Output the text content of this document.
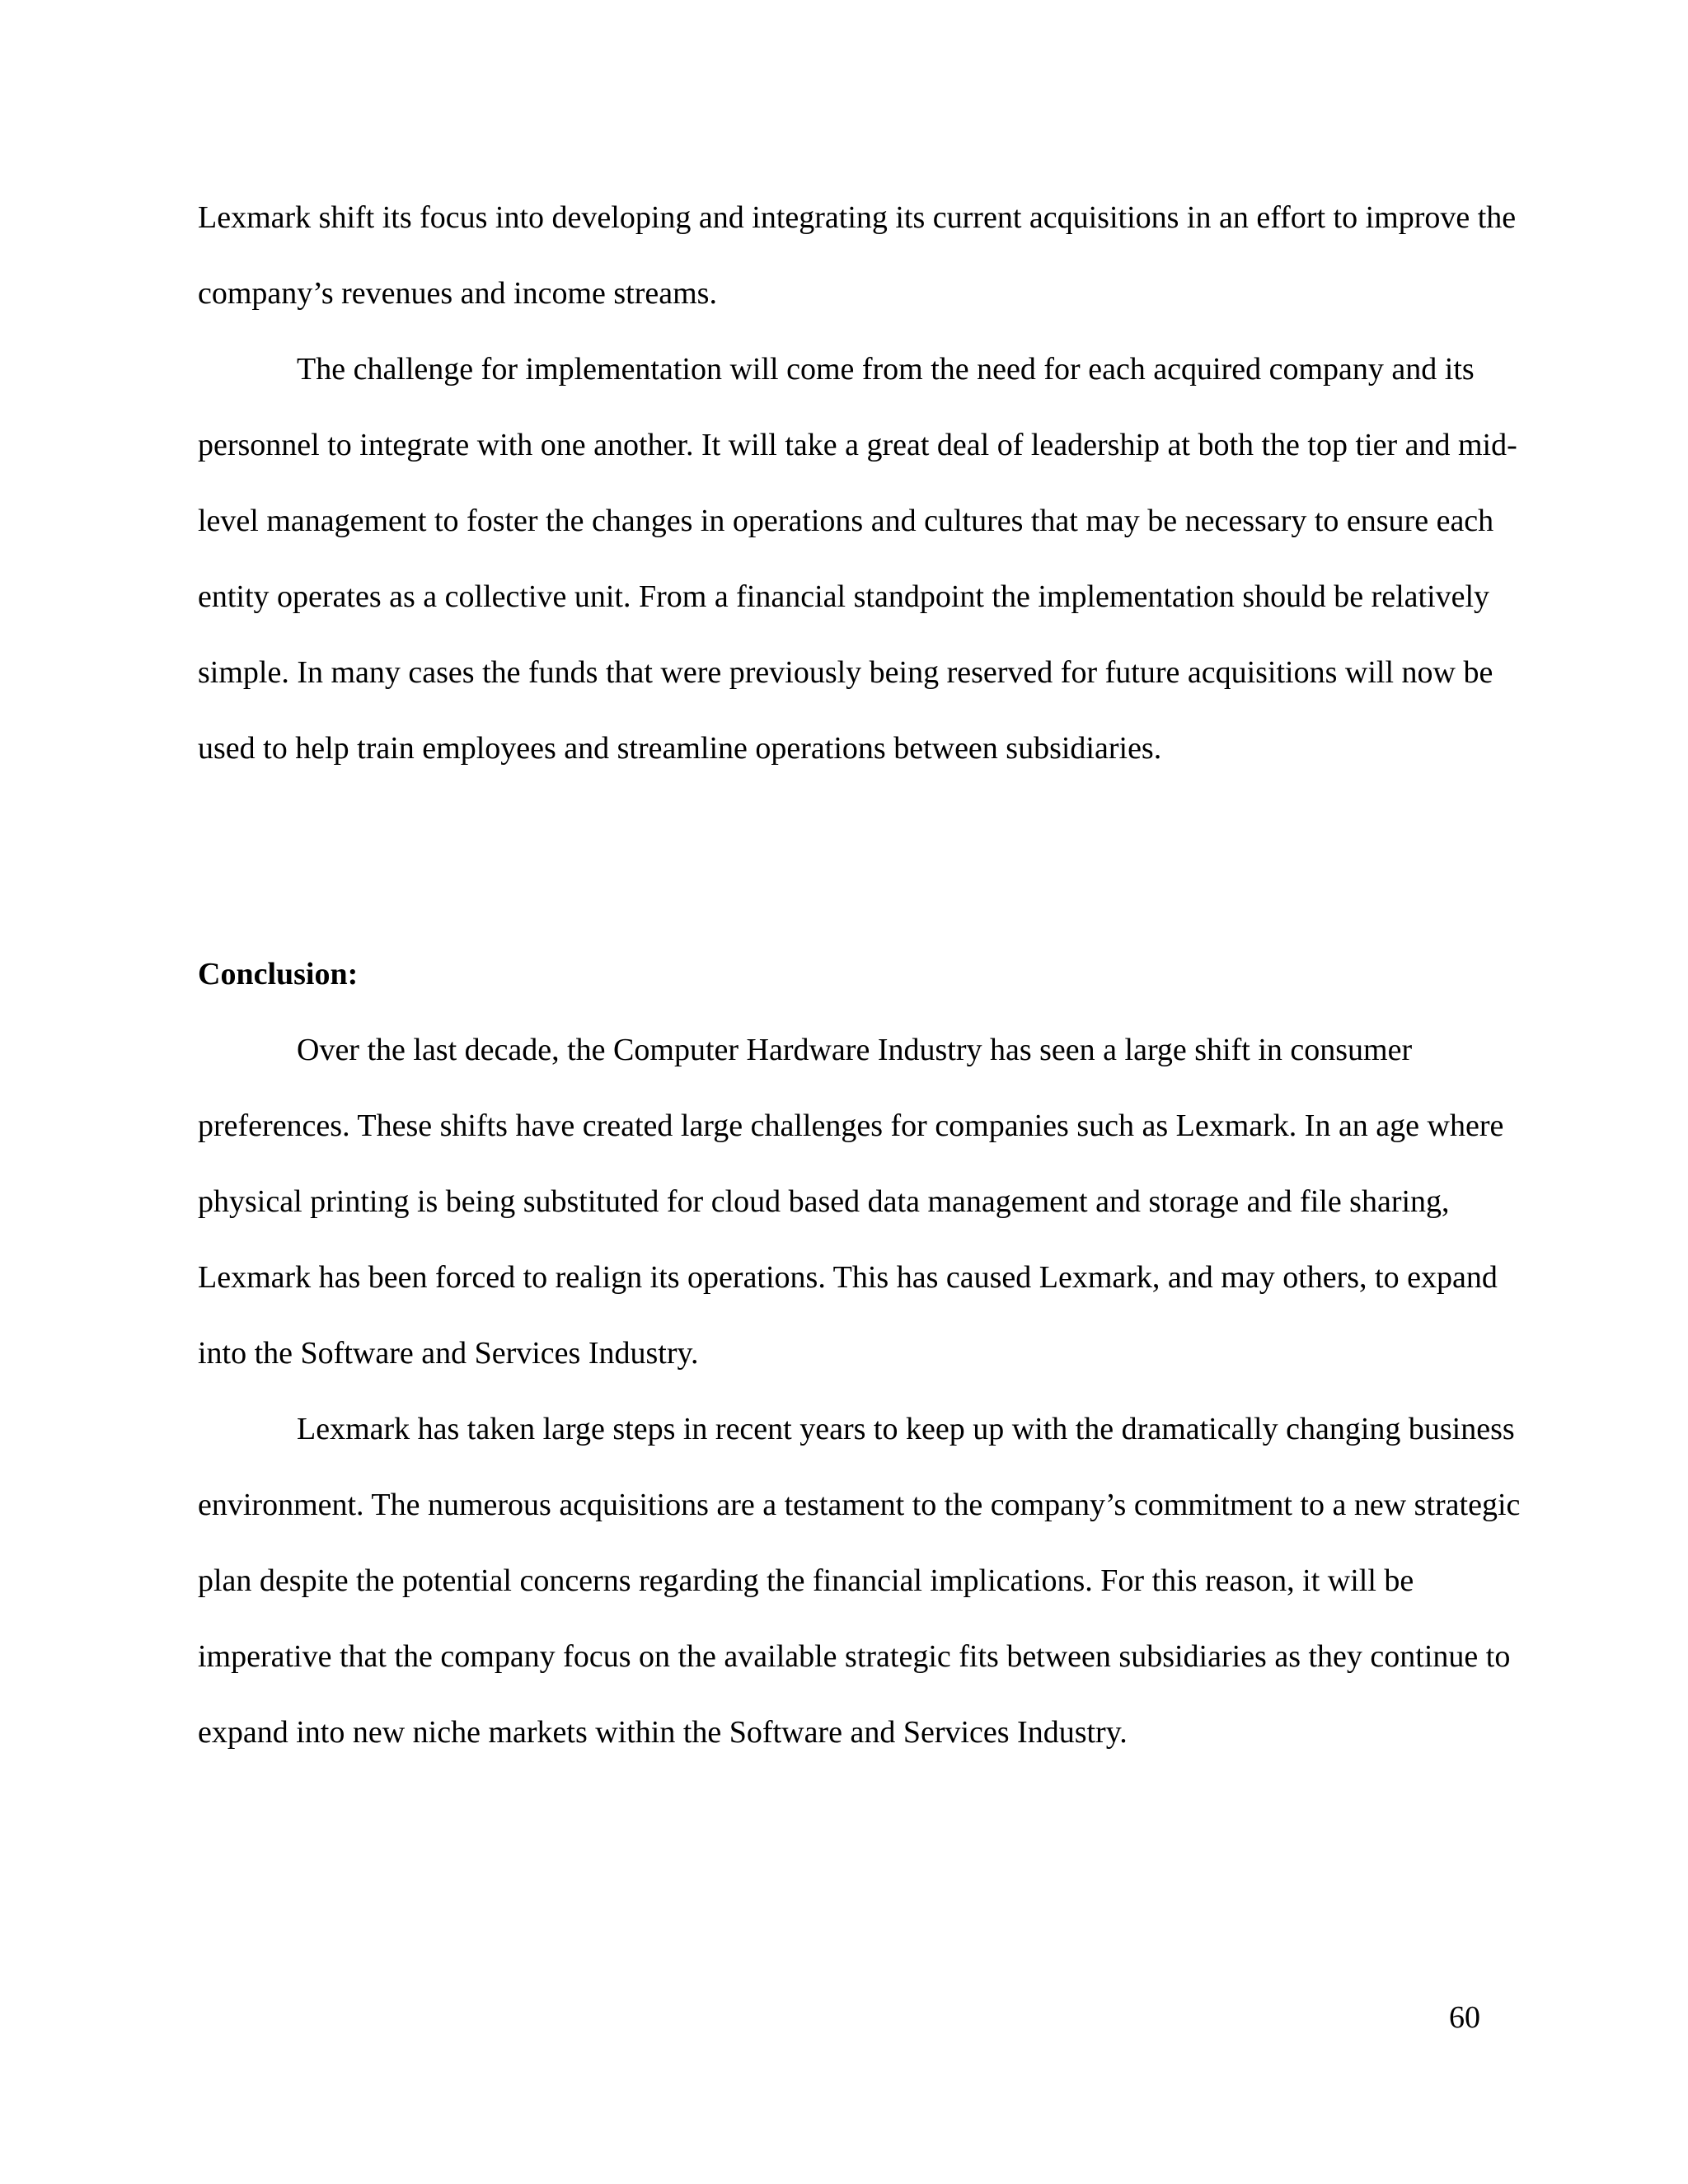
Lexmark shift its focus into developing and integrating its current acquisitions in an effort to improve the company’s revenues and income streams.

The challenge for implementation will come from the need for each acquired company and its personnel to integrate with one another. It will take a great deal of leadership at both the top tier and mid-level management to foster the changes in operations and cultures that may be necessary to ensure each entity operates as a collective unit. From a financial standpoint the implementation should be relatively simple. In many cases the funds that were previously being reserved for future acquisitions will now be used to help train employees and streamline operations between subsidiaries.

Conclusion:

Over the last decade, the Computer Hardware Industry has seen a large shift in consumer preferences. These shifts have created large challenges for companies such as Lexmark. In an age where physical printing is being substituted for cloud based data management and storage and file sharing, Lexmark has been forced to realign its operations. This has caused Lexmark, and may others, to expand into the Software and Services Industry.

Lexmark has taken large steps in recent years to keep up with the dramatically changing business environment. The numerous acquisitions are a testament to the company’s commitment to a new strategic plan despite the potential concerns regarding the financial implications. For this reason, it will be imperative that the company focus on the available strategic fits between subsidiaries as they continue to expand into new niche markets within the Software and Services Industry.

60
